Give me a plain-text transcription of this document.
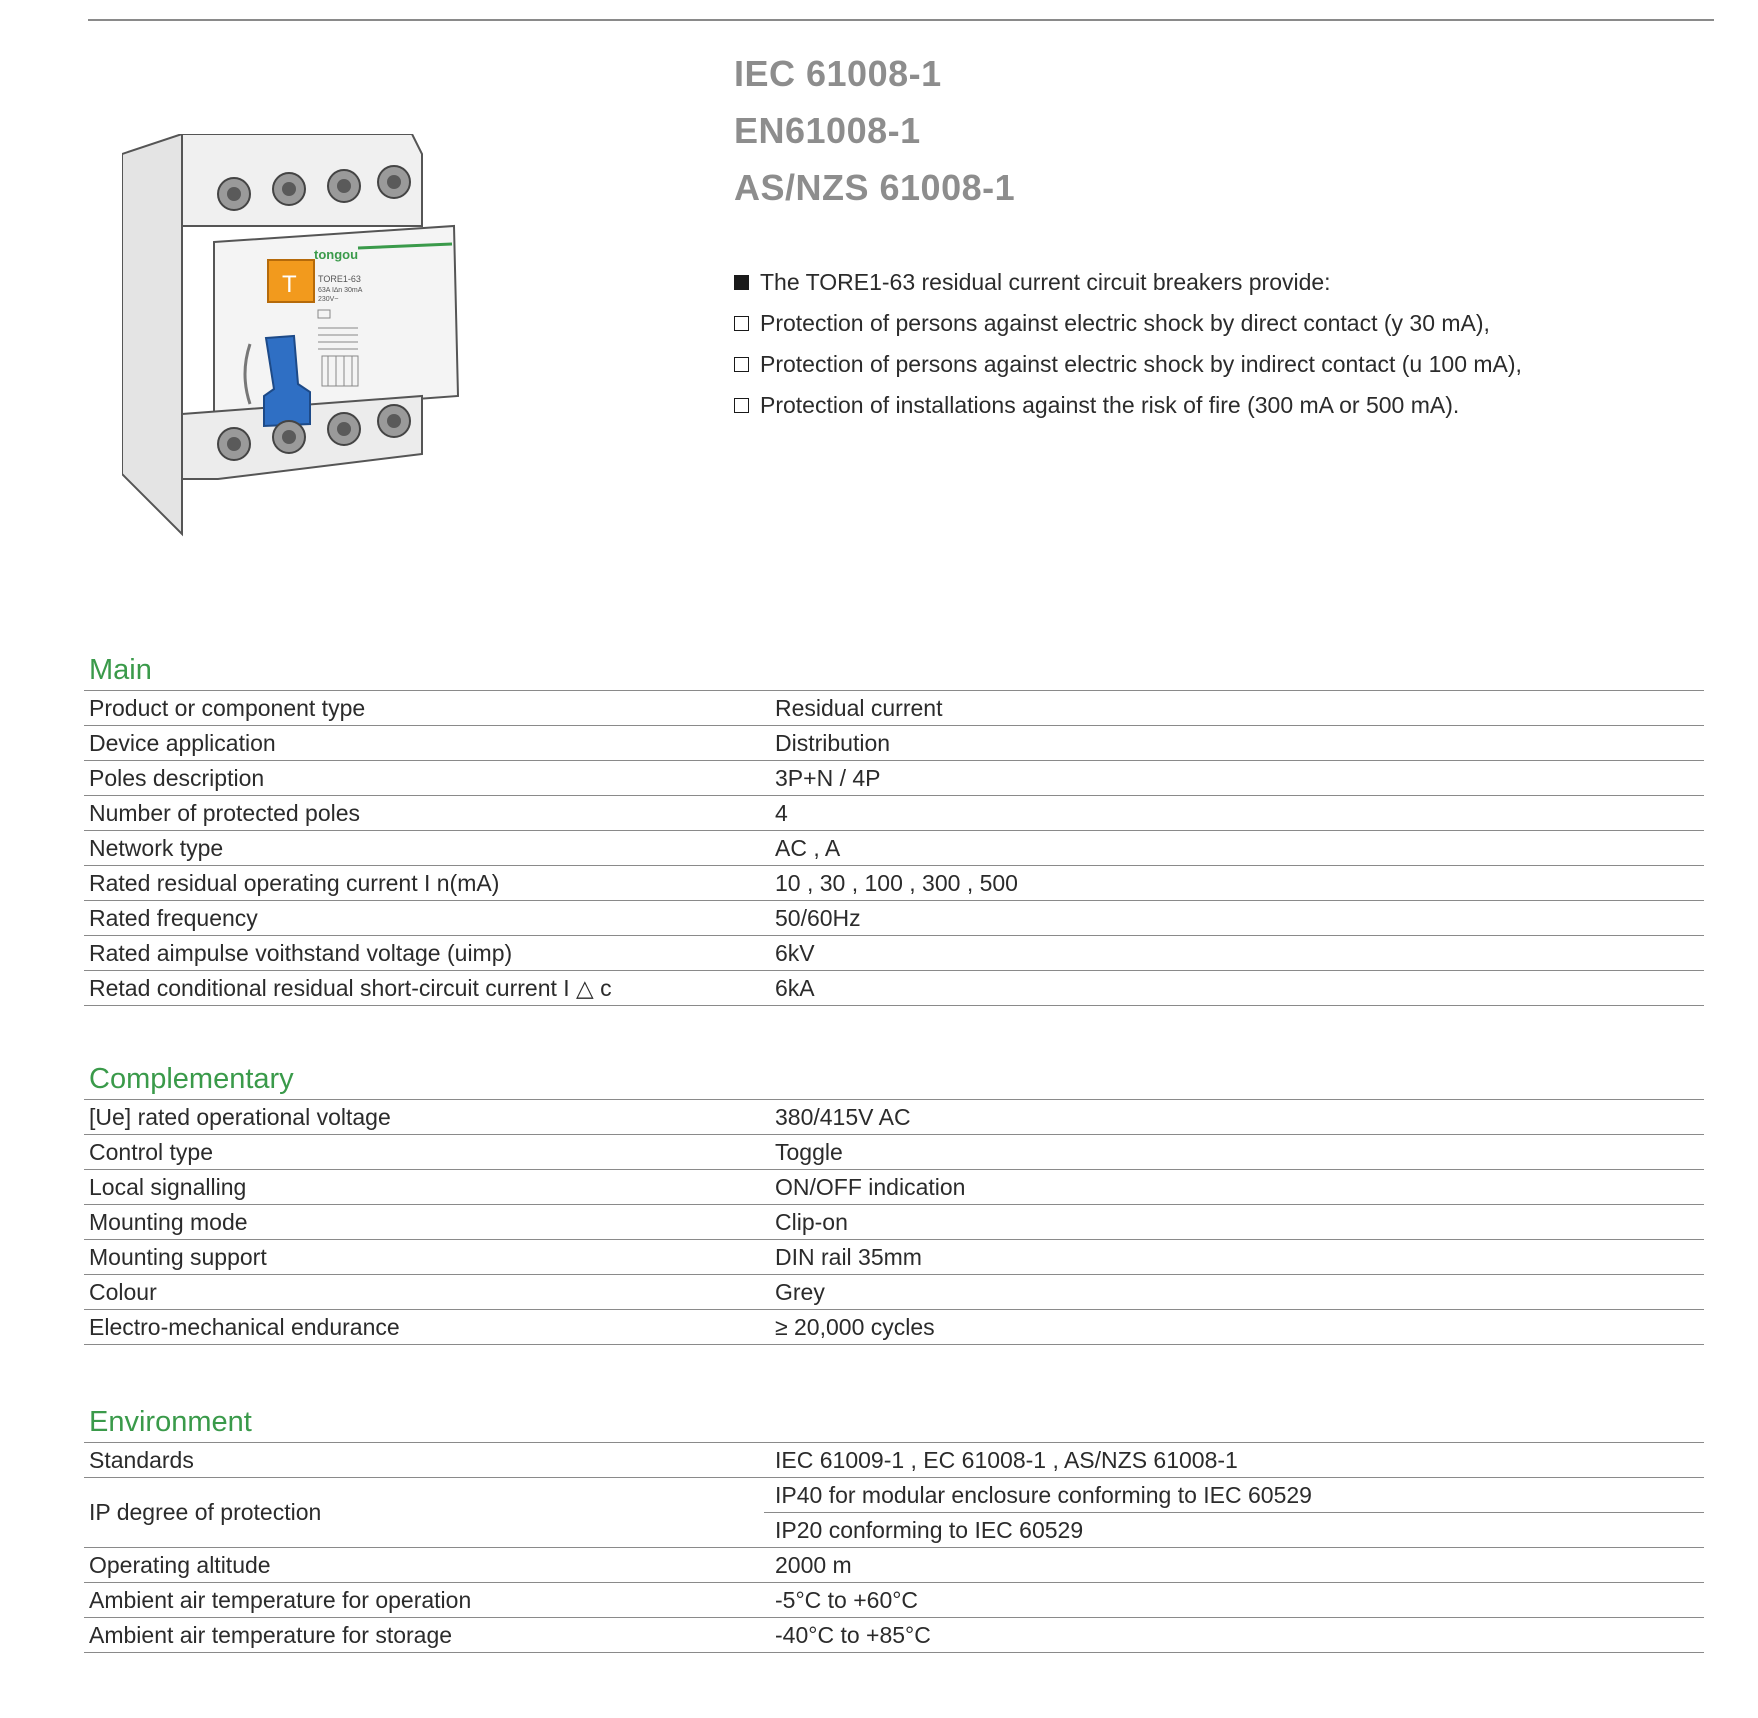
tongou
T TORE1-63
63A I∆n 30mA
230V~
IEC 61008-1
EN61008-1
AS/NZS 61008-1
The TORE1-63 residual current circuit breakers provide:
Protection of persons against electric shock by direct contact (y 30 mA),
Protection of persons against electric shock by indirect contact (u 100 mA),
Protection of installations against the risk of fire (300 mA or 500 mA).
Main
Product or component type	Residual current
Device application	Distribution
Poles description	3P+N / 4P
Number of protected poles	4
Network type	AC , A
Rated residual operating current I n(mA)	10 , 30 , 100 , 300 , 500
Rated frequency	50/60Hz
Rated aimpulse voithstand voltage (uimp)	6kV
Retad conditional residual short-circuit current I △ c	6kA
Complementary
[Ue] rated operational voltage	380/415V AC
Control type	Toggle
Local signalling	ON/OFF indication
Mounting mode	Clip-on
Mounting support	DIN rail 35mm
Colour	Grey
Electro-mechanical endurance	≥ 20,000 cycles
Environment
Standards	IEC 61009-1 , EC 61008-1 , AS/NZS 61008-1
IP degree of protection	IP40 for modular enclosure conforming to IEC 60529
	IP20 conforming to IEC 60529
Operating altitude	2000 m
Ambient air temperature for operation	-5°C to +60°C
Ambient air temperature for storage	-40°C to +85°C
